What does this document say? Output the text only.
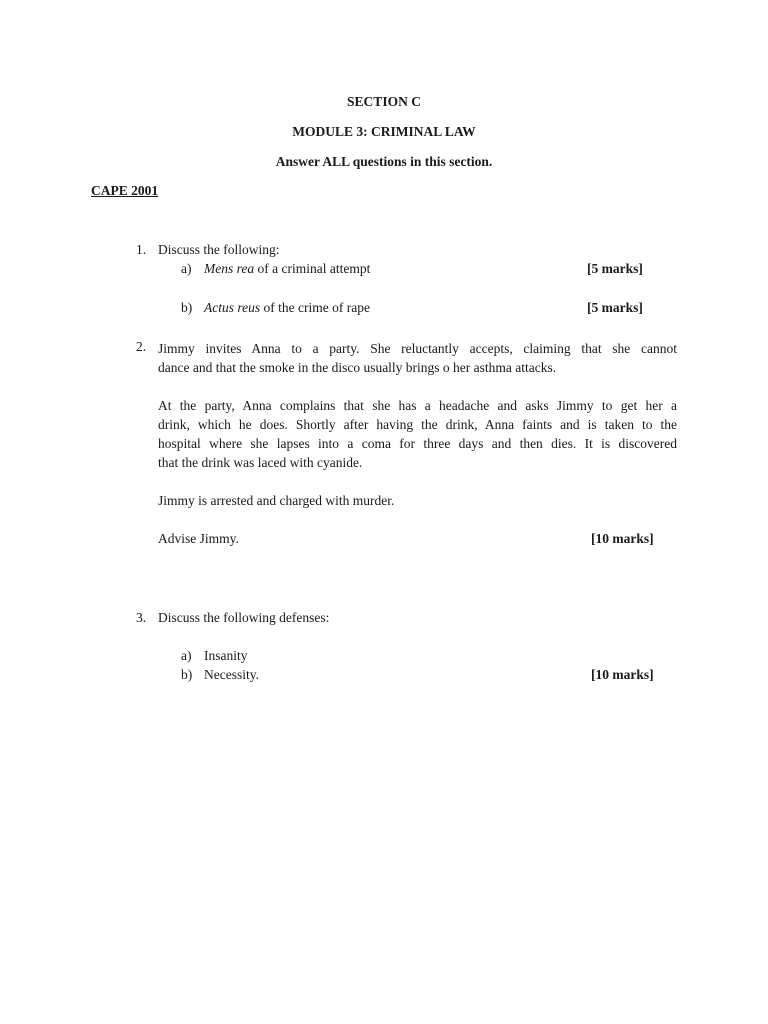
SECTION C
MODULE 3: CRIMINAL LAW
Answer ALL questions in this section.
CAPE 2001
1. Discuss the following:
a) Mens rea of a criminal attempt	[5 marks]
b) Actus reus of the crime of rape	[5 marks]
2. Jimmy invites Anna to a party. She reluctantly accepts, claiming that she cannot
dance and that the smoke in the disco usually brings o her asthma attacks.
At the party, Anna complains that she has a headache and asks Jimmy to get her a
drink, which he does. Shortly after having the drink, Anna faints and is taken to the
hospital where she lapses into a coma for three days and then dies. It is discovered
that the drink was laced with cyanide.
Jimmy is arrested and charged with murder.
Advise Jimmy.	[10 marks]
3. Discuss the following defenses:
a) Insanity
b) Necessity.	[10 marks]
